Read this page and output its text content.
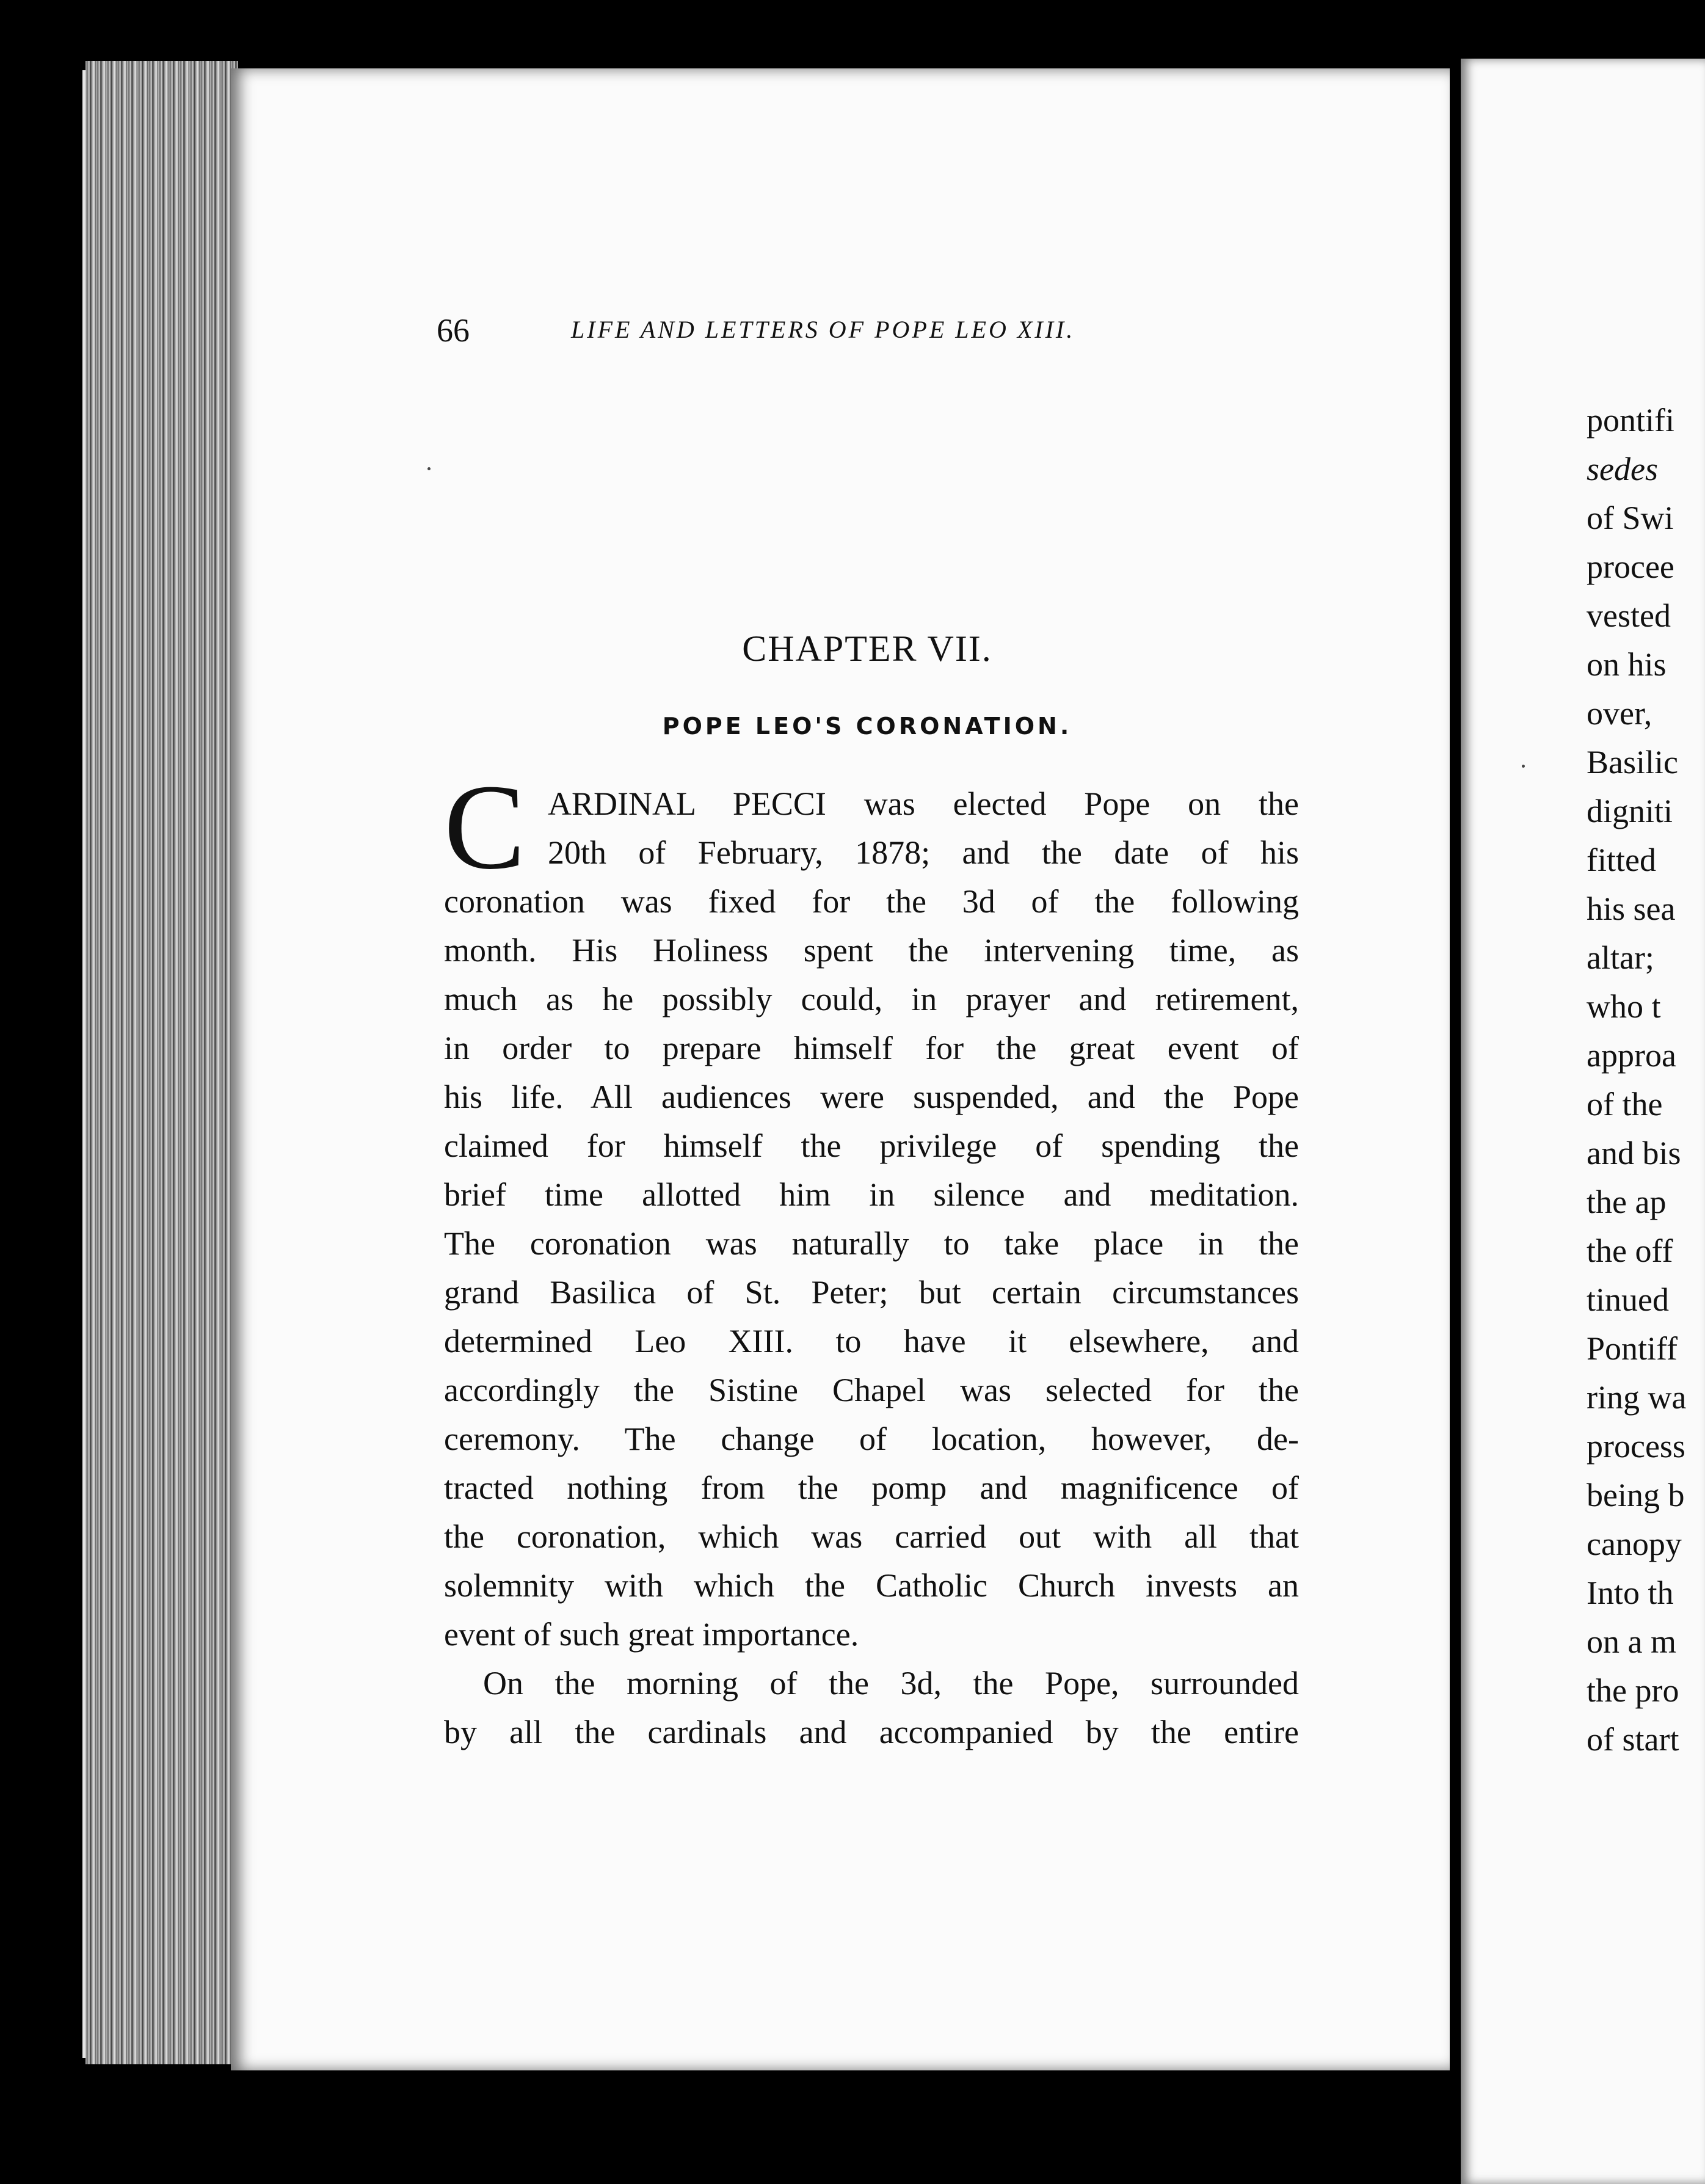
66	LIFE AND LETTERS OF POPE LEO XIII.
CHAPTER VII.
POPE LEO'S CORONATION.
C ARDINAL PECCI was elected Pope on the
20th of February, 1878; and the date of his
coronation was fixed for the 3d of the following
month. His Holiness spent the intervening time, as
much as he possibly could, in prayer and retirement,
in order to prepare himself for the great event of
his life. All audiences were suspended, and the Pope
claimed for himself the privilege of spending the
brief time allotted him in silence and meditation.
The coronation was naturally to take place in the
grand Basilica of St. Peter; but certain circumstances
determined Leo XIII. to have it elsewhere, and
accordingly the Sistine Chapel was selected for the
ceremony. The change of location, however, de-
tracted nothing from the pomp and magnificence of
the coronation, which was carried out with all that
solemnity with which the Catholic Church invests an
event of such great importance.
On the morning of the 3d, the Pope, surrounded
by all the cardinals and accompanied by the entire
pontifi
sedes
of Swi
procee
vested
on his
over,
Basilic
digniti
fitted
his sea
altar;
who t
approa
of the
and bis
the ap
the off
tinued
Pontiff
ring wa
process
being b
canopy
Into th
on a m
the pro
of start
